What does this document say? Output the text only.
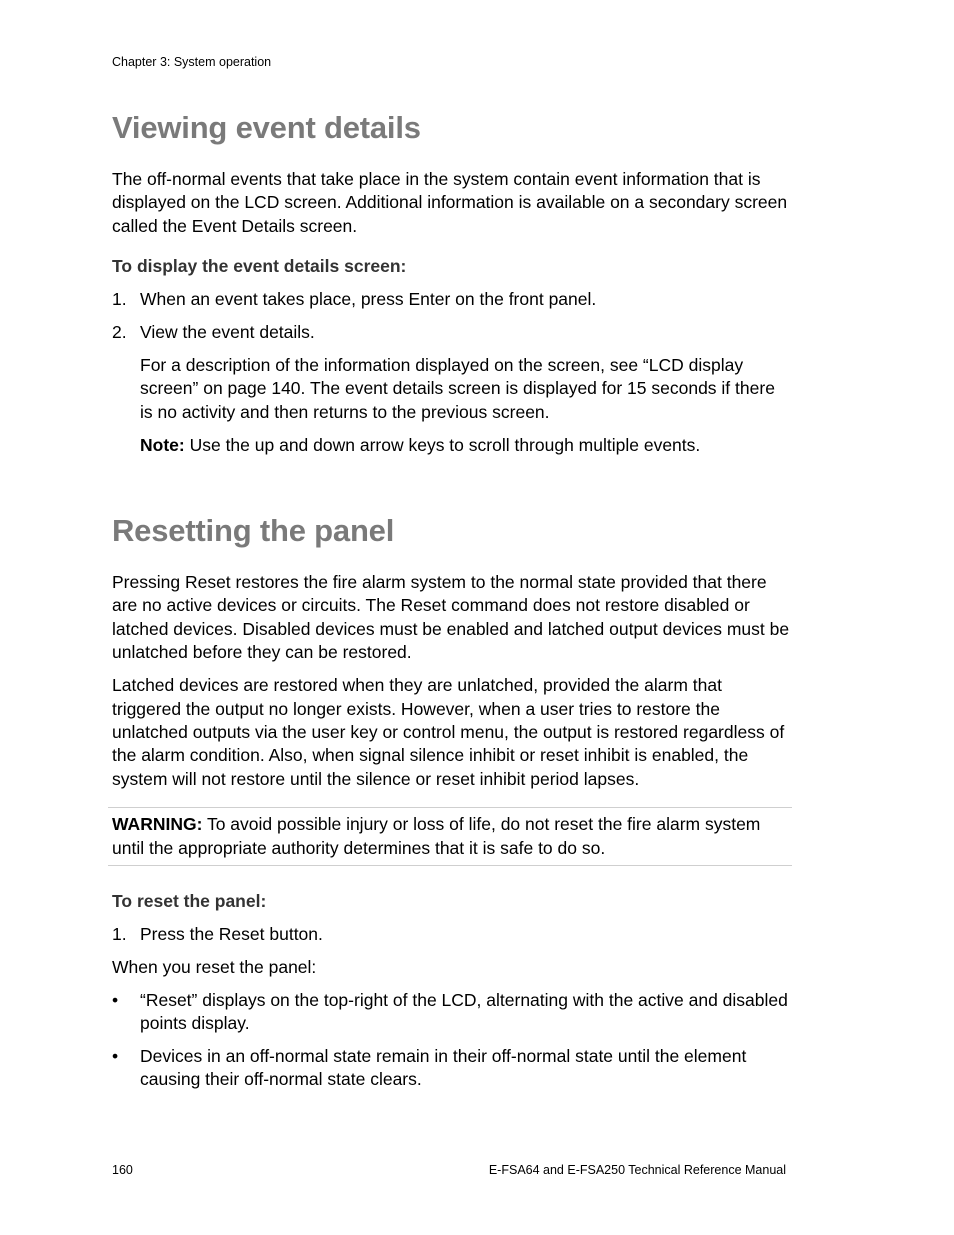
Chapter 3: System operation
Viewing event details

The off-normal events that take place in the system contain event information that is displayed on the LCD screen. Additional information is available on a secondary screen called the Event Details screen.

To display the event details screen:
1. When an event takes place, press Enter on the front panel.
2. View the event details.

For a description of the information displayed on the screen, see “LCD display screen” on page 140. The event details screen is displayed for 15 seconds if there is no activity and then returns to the previous screen.

Note: Use the up and down arrow keys to scroll through multiple events.

Resetting the panel

Pressing Reset restores the fire alarm system to the normal state provided that there are no active devices or circuits. The Reset command does not restore disabled or latched devices. Disabled devices must be enabled and latched output devices must be unlatched before they can be restored.

Latched devices are restored when they are unlatched, provided the alarm that triggered the output no longer exists. However, when a user tries to restore the unlatched outputs via the user key or control menu, the output is restored regardless of the alarm condition. Also, when signal silence inhibit or reset inhibit is enabled, the system will not restore until the silence or reset inhibit period lapses.

WARNING: To avoid possible injury or loss of life, do not reset the fire alarm system until the appropriate authority determines that it is safe to do so.

To reset the panel:
1. Press the Reset button.

When you reset the panel:

•	“Reset” displays on the top-right of the LCD, alternating with the active and disabled points display.
•	Devices in an off-normal state remain in their off-normal state until the element causing their off-normal state clears.
160	E-FSA64 and E-FSA250 Technical Reference Manual
